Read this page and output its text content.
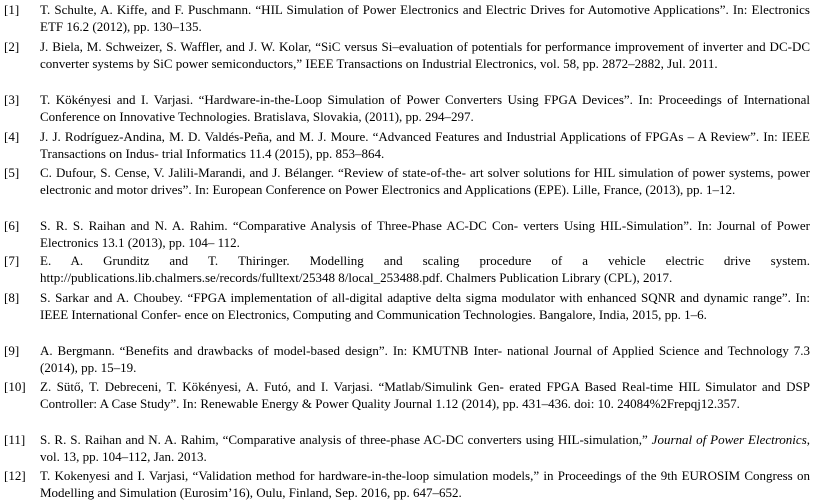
[1] T. Schulte, A. Kiffe, and F. Puschmann. “HIL Simulation of Power Electronics and Electric Drives for Automotive Applications”. In: Electronics ETF 16.2 (2012), pp. 130–135.
[2] J. Biela, M. Schweizer, S. Waffler, and J. W. Kolar, “SiC versus Si–evaluation of potentials for performance improvement of inverter and DC-DC converter systems by SiC power semiconductors,” IEEE Transactions on Industrial Electronics, vol. 58, pp. 2872–2882, Jul. 2011.
[3] T. Kökényesi and I. Varjasi. “Hardware-in-the-Loop Simulation of Power Converters Using FPGA Devices”. In: Proceedings of International Conference on Innovative Technologies. Bratislava, Slovakia, (2011), pp. 294–297.
[4] J. J. Rodríguez-Andina, M. D. Valdés-Peña, and M. J. Moure. “Advanced Features and Industrial Applications of FPGAs – A Review”. In: IEEE Transactions on Indus- trial Informatics 11.4 (2015), pp. 853–864.
[5] C. Dufour, S. Cense, V. Jalili-Marandi, and J. Bélanger. “Review of state-of-the- art solver solutions for HIL simulation of power systems, power electronic and motor drives”. In: European Conference on Power Electronics and Applications (EPE). Lille, France, (2013), pp. 1–12.
[6] S. R. S. Raihan and N. A. Rahim. “Comparative Analysis of Three-Phase AC-DC Con- verters Using HIL-Simulation”. In: Journal of Power Electronics 13.1 (2013), pp. 104– 112.
[7] E. A. Grunditz and T. Thiringer. Modelling and scaling procedure of a vehicle electric drive system. http://publications.lib.chalmers.se/records/fulltext/25348 8/local_253488.pdf. Chalmers Publication Library (CPL), 2017.
[8] S. Sarkar and A. Choubey. “FPGA implementation of all-digital adaptive delta sigma modulator with enhanced SQNR and dynamic range”. In: IEEE International Confer- ence on Electronics, Computing and Communication Technologies. Bangalore, India, 2015, pp. 1–6.
[9] A. Bergmann. “Benefits and drawbacks of model-based design”. In: KMUTNB Inter- national Journal of Applied Science and Technology 7.3 (2014), pp. 15–19.
[10] Z. Sütő, T. Debreceni, T. Kökényesi, A. Futó, and I. Varjasi. “Matlab/Simulink Gen- erated FPGA Based Real-time HIL Simulator and DSP Controller: A Case Study”. In: Renewable Energy & Power Quality Journal 1.12 (2014), pp. 431–436. doi: 10. 24084%2Frepqj12.357.
[11] S. R. S. Raihan and N. A. Rahim, “Comparative analysis of three-phase AC-DC converters using HIL-simulation,” Journal of Power Electronics, vol. 13, pp. 104–112, Jan. 2013.
[12] T. Kokenyesi and I. Varjasi, “Validation method for hardware-in-the-loop simulation models,” in Proceedings of the 9th EUROSIM Congress on Modelling and Simulation (Eurosim’16), Oulu, Finland, Sep. 2016, pp. 647–652.
